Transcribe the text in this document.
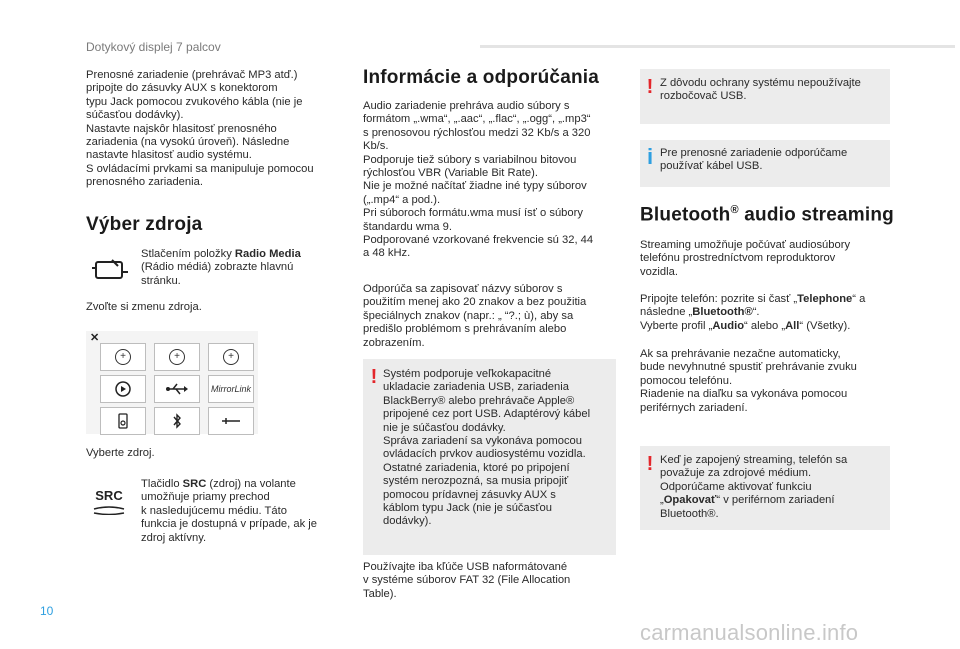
Dotykový displej 7 palcov

Prenosné zariadenie (prehrávač MP3 atď.)
pripojte do zásuvky AUX s konektorom
typu Jack pomocou zvukového kábla (nie je
súčasťou dodávky).
Nastavte najskôr hlasitosť prenosného
zariadenia (na vysokú úroveň). Následne
nastavte hlasitosť audio systému.
S ovládacími prvkami sa manipuluje pomocou
prenosného zariadenia.

Výber zdroja

Stlačením položky Radio Media
(Rádio médiá) zobrazte hlavnú
stránku.

Zvoľte si zmenu zdroja.

✕
+	+	+
MirrorLink

Vyberte zdroj.

SRC

Tlačidlo SRC (zdroj) na volante
umožňuje priamy prechod
k nasledujúcemu médiu. Táto
funkcia je dostupná v prípade, ak je
zdroj aktívny.

Informácie a odporúčania

Audio zariadenie prehráva audio súbory s
formátom „.wma“, „.aac“, „.flac“, „.ogg“, „.mp3“
s prenosovou rýchlosťou medzi 32 Kb/s a 320
Kb/s.
Podporuje tiež súbory s variabilnou bitovou
rýchlosťou VBR (Variable Bit Rate).
Nie je možné načítať žiadne iné typy súborov
(„.mp4“ a pod.).
Pri súboroch formátu.wma musí ísť o súbory
štandardu wma 9.
Podporované vzorkované frekvencie sú 32, 44
a 48 kHz.

Odporúča sa zapisovať názvy súborov s
použitím menej ako 20 znakov a bez použitia
špeciálnych znakov (napr.: „ “?.; ù), aby sa
predišlo problémom s prehrávaním alebo
zobrazením.

! Systém podporuje veľkokapacitné
ukladacie zariadenia USB, zariadenia
BlackBerry® alebo prehrávače Apple®
pripojené cez port USB. Adaptérový kábel
nie je súčasťou dodávky.
Správa zariadení sa vykonáva pomocou
ovládacích prvkov audiosystému vozidla.
Ostatné zariadenia, ktoré po pripojení
systém nerozpozná, sa musia pripojiť
pomocou prídavnej zásuvky AUX s
káblom typu Jack (nie je súčasťou
dodávky).

Používajte iba kľúče USB naformátované
v systéme súborov FAT 32 (File Allocation
Table).

! Z dôvodu ochrany systému nepoužívajte
rozbočovač USB.
i Pre prenosné zariadenie odporúčame
používať kábel USB.
Bluetooth® audio streaming

Streaming umožňuje počúvať audiosúbory
telefónu prostredníctvom reproduktorov
vozidla.

Pripojte telefón: pozrite si časť „Telephone“ a
následne „Bluetooth®“.
Vyberte profil „Audio“ alebo „All“ (Všetky).

Ak sa prehrávanie nezačne automaticky,
bude nevyhnutné spustiť prehrávanie zvuku
pomocou telefónu.
Riadenie na diaľku sa vykonáva pomocou
periférnych zariadení.

! Keď je zapojený streaming, telefón sa
považuje za zdrojové médium.
Odporúčame aktivovať funkciu
„Opakovať“ v periférnom zariadení
Bluetooth®.
10
carmanualsonline.info
